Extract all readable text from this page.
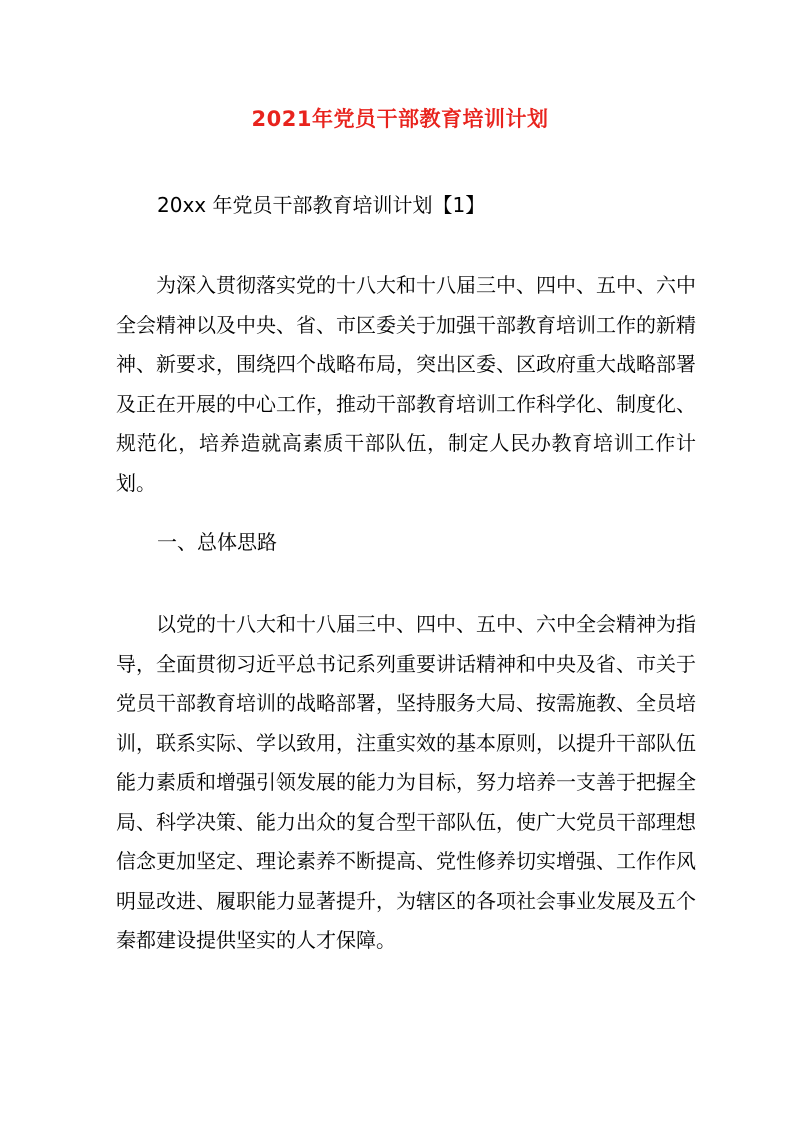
2021年党员干部教育培训计划
20xx 年党员干部教育培训计划【1】

为深入贯彻落实党的十八大和十八届三中、四中、五中、六中全会精神以及中央、省、市区委关于加强干部教育培训工作的新精神、新要求，围绕四个战略布局，突出区委、区政府重大战略部署及正在开展的中心工作，推动干部教育培训工作科学化、制度化、规范化，培养造就高素质干部队伍，制定人民办教育培训工作计划。

一、总体思路

以党的十八大和十八届三中、四中、五中、六中全会精神为指导，全面贯彻习近平总书记系列重要讲话精神和中央及省、市关于党员干部教育培训的战略部署，坚持服务大局、按需施教、全员培训，联系实际、学以致用，注重实效的基本原则，以提升干部队伍能力素质和增强引领发展的能力为目标，努力培养一支善于把握全局、科学决策、能力出众的复合型干部队伍，使广大党员干部理想信念更加坚定、理论素养不断提高、党性修养切实增强、工作作风明显改进、履职能力显著提升，为辖区的各项社会事业发展及五个秦都建设提供坚实的人才保障。
